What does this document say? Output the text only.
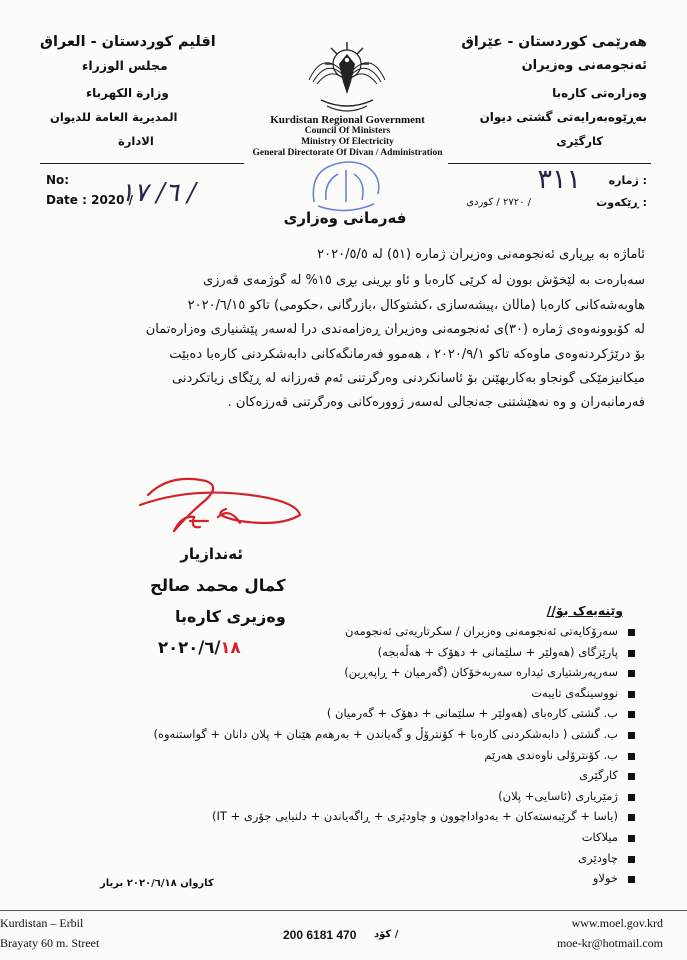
اقليم كوردستان - العراق
مجلس الوزراء
وزارة الكهرباء
المديرية العامة للديوان
الادارة
هەرێمی کوردستان - عێراق
ئەنجومەنی وەزیران
وەزارەتی کارەبا
بەڕێوەبەرایەتی گشتی دیوان
کارگێری
Kurdistan Regional Government
Council Of Ministers
Ministry Of Electricity
General Directorate Of Divan / Administration
No:
Date : 2020 /
٦/ ١٧ /	٣١١	: ژمارە
: ڕێکەوت
/ ۲۷۲۰ / کوردی
فەرمانی وەزاری
ئاماژە بە بڕیاری ئەنجومەنی وەزیران ژمارە (٥١) لە ۲۰۲۰/٥/٥
سەبارەت بە لێخۆش بوون لە کرێی کارەبا و ئاو بڕینی بڕی ١٥% لە گوژمەی قەرزی
هاوبەشەکانی کارەبا (ماڵان ،پیشەسازی ،کشتوکاڵ ،بازرگانی ،حکومی) تاکو ۲۰۲۰/٦/١٥
لە کۆبوونەوەی ژمارە (۳۰)ی ئەنجومەنی وەزیران ڕەزامەندی درا لەسەر پێشنیاری وەزارەتمان
بۆ درێژکردنەوەی ماوەکە تاکو ۲۰۲۰/٩/١ ، هەموو فەرمانگەکانی دابەشکردنی کارەبا دەبێت
میکانیزمێکی گونجاو بەکاربهێنن بۆ ئاسانکردنی وەرگرتنی ئەم قەرزانە لە ڕێگای زیاتکردنی
فەرمانبەران و وە نەهێشتنی جەنجاڵی لەسەر ژوورەکانی وەرگرتنی قەرزەکان .
ئەندازیار
کمال محمد صالح
وەزیری کارەبا
۲۰۲۰/٦/١٨
وێنەیەک بۆ//
سەرۆکایەتی ئەنجومەنی وەزیران / سکرتاریەتی ئەنجومەن
پارێزگای (هەولێر + سلێمانی + دهۆک + هەڵەبجە)
سەرپەرشتیاری ئیدارە سەربەخۆکان (گەرمیان + ڕاپەڕین)
نووسینگەی تایبەت
ب. گشتی کارەبای (هەولێر + سلێمانی + دهۆک + گەرمیان )
ب. گشتی ( دابەشکردنی کارەبا + کۆنترۆڵ و گەیاندن + بەرهەم هێنان + پلان دانان + گواستنەوە)
ب. کۆنترۆلی ناوەندی هەرێم
کارگێری
ژمێریاری (ئاسایی+ پلان)
(یاسا + گرێبەستەکان + بەدواداچوون و چاودێری + ڕاگەیاندن + دلنیایی جۆری + IT)
میلاکات
چاودێری
خولاو
کاروان ۲۰۲۰/٦/١٨ بریار
Kurdistan – Erbil
Brayaty 60 m. Street
200 6181 470 / کۆد
www.moel.gov.krd
moe-kr@hotmail.com
